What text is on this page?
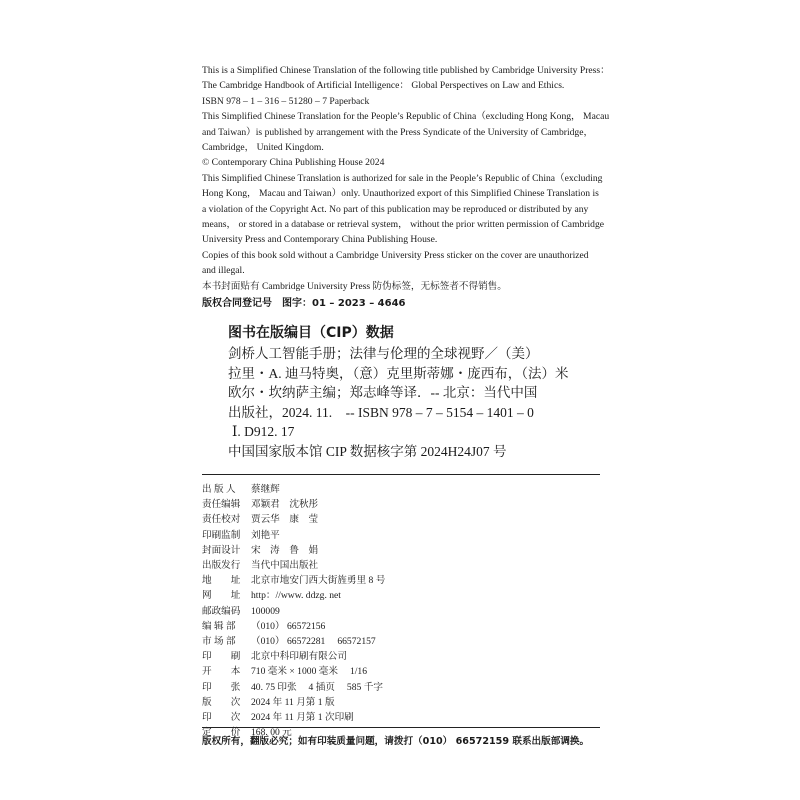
This is a Simplified Chinese Translation of the following title published by Cambridge University Press：

The Cambridge Handbook of Artificial Intelligence： Global Perspectives on Law and Ethics.

ISBN 978 – 1 – 316 – 51280 – 7 Paperback

This Simplified Chinese Translation for the People’s Republic of China（excluding Hong Kong， Macau

and Taiwan）is published by arrangement with the Press Syndicate of the University of Cambridge，

Cambridge， United Kingdom.

© Contemporary China Publishing House 2024

This Simplified Chinese Translation is authorized for sale in the People’s Republic of China（excluding

Hong Kong， Macau and Taiwan）only. Unauthorized export of this Simplified Chinese Translation is

a violation of the Copyright Act. No part of this publication may be reproduced or distributed by any

means， or stored in a database or retrieval system， without the prior written permission of Cambridge

University Press and Contemporary China Publishing House.

Copies of this book sold without a Cambridge University Press sticker on the cover are unauthorized

and illegal.

本书封面贴有 Cambridge University Press 防伪标签，无标签者不得销售。

版权合同登记号　图字：01 – 2023 – 4646
图书在版编目（CIP）数据

剑桥人工智能手册；法律与伦理的全球视野／（美）

拉里・A. 迪马特奥，（意）克里斯蒂娜・庞西布，（法）米

欧尔・坎纳萨主编；郑志峰等译．-- 北京：当代中国

出版社，2024. 11.　-- ISBN 978 – 7 – 5154 – 1401 – 0

Ⅰ. D912. 17

中国国家版本馆 CIP 数据核字第 2024H24J07 号

出 版 人	蔡继辉
责任编辑	邓颖君　沈秋彤
责任校对	贾云华　康　莹
印刷监制	刘艳平
封面设计	宋　涛　鲁　娟
出版发行	当代中国出版社
地　　址	北京市地安门西大街旌勇里 8 号
网　　址	http：//www. ddzg. net
邮政编码	100009
编 辑 部	（010） 66572156
市 场 部	（010） 66572281　 66572157
印　　刷	北京中科印刷有限公司
开　　本	710 毫米 × 1000 毫米　 1/16
印　　张	40. 75 印张　 4 插页　 585 千字
版　　次	2024 年 11 月第 1 版
印　　次	2024 年 11 月第 1 次印刷
定　　价	168. 00 元
版权所有，翻版必究；如有印装质量问题，请拨打（010） 66572159 联系出版部调换。
